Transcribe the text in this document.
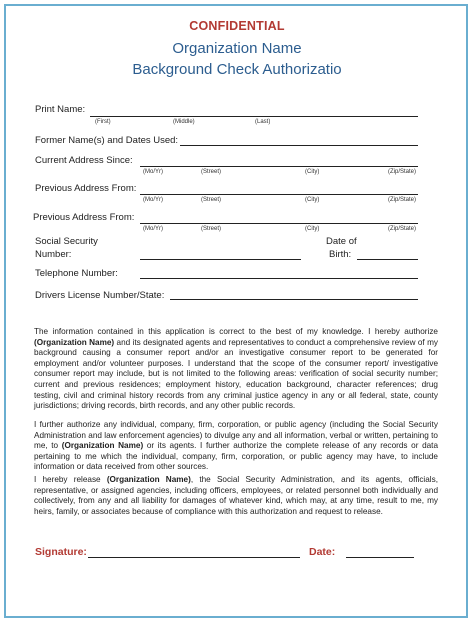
CONFIDENTIAL
Organization Name
Background Check Authorizatio
Print Name:
(First)	(Middle)	(Last)
Former Name(s) and Dates Used:
Current Address Since:
(Mo/Yr)	(Street)	(City)	(Zip/State)
Previous Address From:
(Mo/Yr)	(Street)	(City)	(Zip/State)
Previous Address From:
(Mo/Yr)	(Street)	(City)	(Zip/State)
Social Security
Number:
Date of
Birth:
Telephone Number:
Drivers License Number/State:
The information contained in this application is correct to the best of my knowledge. I hereby authorize (Organization Name) and its designated agents and representatives to conduct a comprehensive review of my background causing a consumer report and/or an investigative consumer report to be generated for employment and/or volunteer purposes. I understand that the scope of the consumer report/ investigative consumer report may include, but is not limited to the following areas: verification of social security number; current and previous residences; employment history, education background, character references; drug testing, civil and criminal history records from any criminal justice agency in any or all federal, state, county jurisdictions; driving records, birth records, and any other public records.
I further authorize any individual, company, firm, corporation, or public agency (including the Social Security Administration and law enforcement agencies) to divulge any and all information, verbal or written, pertaining to me, to (Organization Name) or its agents. I further authorize the complete release of any records or data pertaining to me which the individual, company, firm, corporation, or public agency may have, to include information or data received from other sources.
I hereby release (Organization Name), the Social Security Administration, and its agents, officials, representative, or assigned agencies, including officers, employees, or related personnel both individually and collectively, from any and all liability for damages of whatever kind, which may, at any time, result to me, my heirs, family, or associates because of compliance with this authorization and request to release.
Signature:	Date:
